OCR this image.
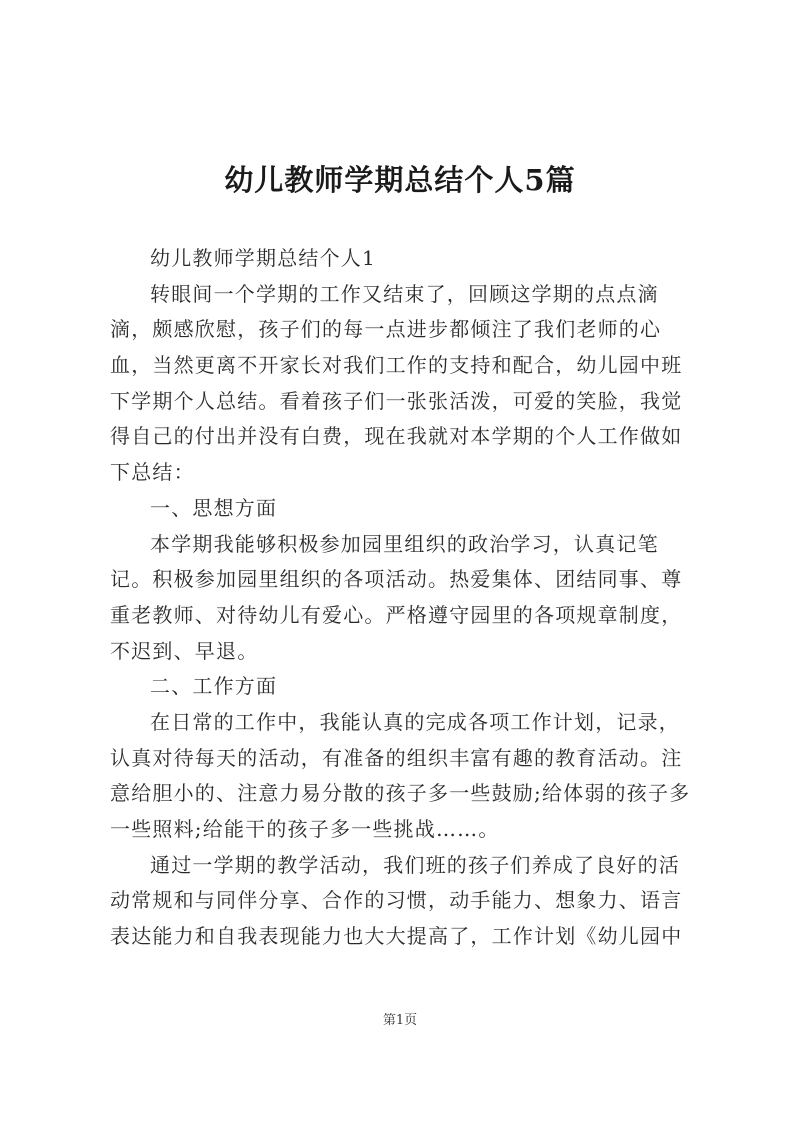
幼儿教师学期总结个人5篇

幼儿教师学期总结个人1

转眼间一个学期的工作又结束了，回顾这学期的点点滴

滴，颇感欣慰，孩子们的每一点进步都倾注了我们老师的心

血，当然更离不开家长对我们工作的支持和配合，幼儿园中班

下学期个人总结。看着孩子们一张张活泼，可爱的笑脸，我觉

得自己的付出并没有白费，现在我就对本学期的个人工作做如

下总结：

一、思想方面

本学期我能够积极参加园里组织的政治学习，认真记笔

记。积极参加园里组织的各项活动。热爱集体、团结同事、尊

重老教师、对待幼儿有爱心。严格遵守园里的各项规章制度，

不迟到、早退。

二、工作方面

在日常的工作中，我能认真的完成各项工作计划，记录，

认真对待每天的活动，有准备的组织丰富有趣的教育活动。注

意给胆小的、注意力易分散的孩子多一些鼓励;给体弱的孩子多

一些照料;给能干的孩子多一些挑战……。

通过一学期的教学活动，我们班的孩子们养成了良好的活

动常规和与同伴分享、合作的习惯，动手能力、想象力、语言

表达能力和自我表现能力也大大提高了，工作计划《幼儿园中

第1页
